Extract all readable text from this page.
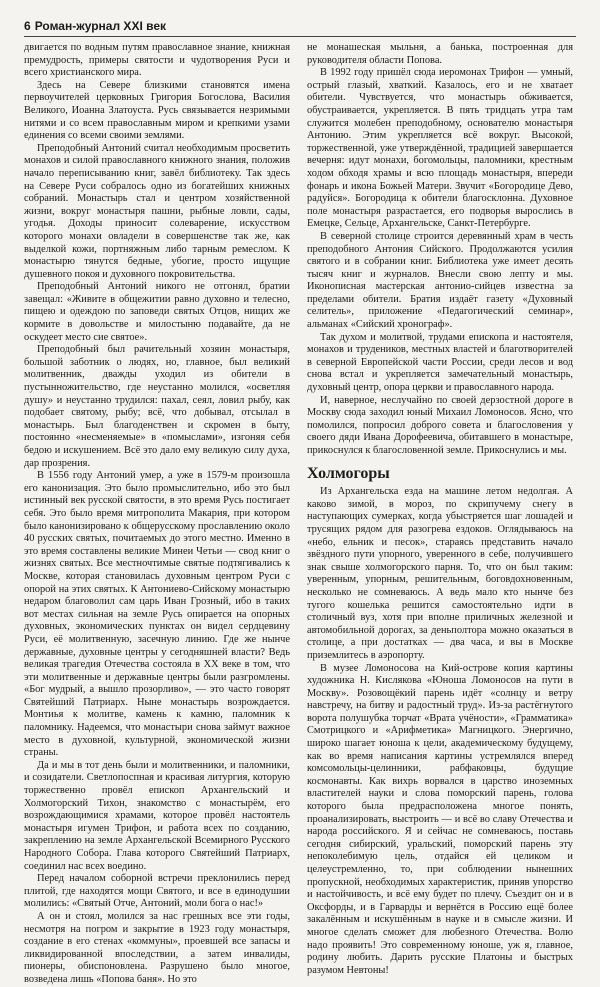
6 Роман-журнал XXI век

двигается по водным путям православное знание, книжная премудрость, примеры святости и чудотворения Руси и всего христианского мира.

Здесь на Севере близкими становятся имена первоучителей церковных Григория Богослова, Василия Великого, Иоанна Златоуста. Русь связывается незримыми нитями и со всем православным миром и крепкими узами единения со всеми своими землями.

Преподобный Антоний считал необходимым просветить монахов и силой православного книжного знания, положив начало переписыванию книг, завёл библиотеку. Так здесь на Севере Руси собралось одно из богатейших книжных собраний. Монастырь стал и центром хозяйственной жизни, вокруг монастыря пашни, рыбные ловли, сады, угодья. Доходы приносит солеварение, искусством которого монахи овладели в совершенстве так же, как выделкой кожи, портняжным либо тарным ремеслом. К монастырю тянутся бедные, убогие, просто ищущие душевного покоя и духовного покровительства.

Преподобный Антоний никого не отгонял, братии завещал: «Живите в общежитии равно духовно и телесно, пищею и одеждою по заповеди святых Отцов, нищих же кормите в довольстве и милостыню подавайте, да не оскудеет место сие святое».

Преподобный был рачительный хозяин монастыря, большой заботник о людях, но, главное, был великий молитвенник, дважды уходил из обители в пустынножительство, где неустанно молился, «осветляя душу» и неустанно трудился: пахал, сеял, ловил рыбу, как подобает святому, рыбу; всё, что добывал, отсылал в монастырь. Был благоденствен и скромен в быту, постоянно «несменяемые» в «помыслами», изгоняя себя бедою и искушением. Всё это дало ему великую силу духа, дар прозрения.

В 1556 году Антоний умер, а уже в 1579-м произошла его канонизация. Это было промыслительно, ибо это был истинный век русской святости, в это время Русь постигает себя. Это было время митрополита Макария, при котором было канонизировано к общерусскому прославлению около 40 русских святых, почитаемых до этого местно. Именно в это время составлены великие Минеи Четьи — свод книг о жизнях святых. Все местночтимые святые подтягивались к Москве, которая становилась духовным центром Руси с опорой на этих святых. К Антониево-Сийскому монастырю недаром благоволил сам царь Иван Грозный, ибо в таких вот местах сильная на земле Русь опирается на опорных духовных, экономических пунктах он видел сердцевину Руси, её молитвенную, засечную линию. Где же нынче державные, духовные центры у сегодняшней власти? Ведь великая трагедия Отечества состояла в XX веке в том, что эти молитвенные и державные центры были разгромлены. «Бог мудрый, а вышло прозорливо», — это часто говорят Святейший Патриарх. Ныне монастырь возрождается. Монтиья к молитве, камень к камню, паломник к паломнику. Надеемся, что монастыри снова займут важное место в духовной, культурной, экономической жизни страны.

Да и мы в тот день были и молитвенники, и паломники, и созидатели. Светлопоспная и красивая литургия, которую торжественно провёл епископ Архангельский и Холмогорский Тихон, знакомство с монастырём, его возрождающимися храмами, которое провёл настоятель монастыря игумен Трифон, и работа всех по созданию, закреплению на земле Архангельской Всемирного Русского Народного Собора. Глава которого Святейший Патриарх, соединил нас всех воедино.

Перед началом соборной встречи преклонились перед плитой, где находятся мощи Святого, и все в единодушии молились: «Святый Отче, Антоний, моли бога о нас!»

А он и стоял, молился за нас грешных все эти годы, несмотря на погром и закрытие в 1923 году монастыря, создание в его стенах «коммуны», проевшей все запасы и ликвидированной впоследствии, а затем инвалиды, пионеры, обиспоновлена. Разрушено было многое, возведена лишь «Попова баня». Но это

не монашеская мыльня, а банька, построенная для руководителя области Попова.

В 1992 году пришёл сюда иеромонах Трифон — умный, острый глазый, хваткий. Казалось, его и не хватает обители. Чувствуется, что монастырь обживается, обустраивается, укрепляется. В пять тридцать утра там служится молебен преподобному, основателю монастыря Антонию. Этим укрепляется всё вокруг. Высокой, торжественной, уже утверждённой, традицией завершается вечерня: идут монахи, богомольцы, паломники, крестным ходом обходя храмы и всю площадь монастыря, впереди фонарь и икона Божьей Матери. Звучит «Богородице Дево, радуйся». Богородица к обители благосклонна. Духовное поле монастыря разрастается, его подворья вырослись в Емецке, Сельце, Архангельске, Санкт-Петербурге.

В северной столице строится деревянный храм в честь преподобного Антония Сийского. Продолжаются усилия святого и в собрании книг. Библиотека уже имеет десять тысяч книг и журналов. Внесли свою лепту и мы. Иконописная мастерская антонио-сийцев известна за пределами обители. Братия издаёт газету «Духовный селитель», приложение «Педагогический семинар», альманах «Сийский хронограф».

Так духом и молитвой, трудами епископа и настоятеля, монахов и трудеников, местных властей и благотворителей в северной Европейской части России, среди лесов и вод снова встал и укрепляется замечательный монастырь, духовный центр, опора церкви и православного народа.

И, наверное, неслучайно по своей дерзостной дороге в Москву сюда заходил юный Михаил Ломоносов. Ясно, что помолился, попросил доброго совета и благословения у своего дяди Ивана Дорофеевича, обитавшего в монастыре, прикоснулся к благословенной земле. Прикоснулись и мы.

Холмогоры

Из Архангельска езда на машине летом недолгая. А каково зимой, в мороз, по скрипучему снегу в наступающих сумерках, когда убыстряется шаг лошадей и трусящих рядом для разогрева ездоков. Оглядываюсь на «небо, ельник и песок», стараясь представить начало звёздного пути упорного, уверенного в себе, получившего знак свыше холмогорского парня. То, что он был таким: уверенным, упорным, решительным, боговдохновенным, несколько не сомневаюсь. А ведь мало кто нынче без тугого кошелька решится самостоятельно идти в столичный вуз, хотя при вполне приличных железной и автомобильной дорогах, за деньполтора можно оказаться в столице, а при достатках — два часа, и вы в Москве приземлитесь в аэропорту.

В музее Ломоносова на Кий-острове копия картины художника Н. Кислякова «Юноша Ломоносов на пути в Москву». Розовощёкий парень идёт «солнцу и ветру навстречу, на битву и радостный труд». Из-за растёгнутого ворота полушубка торчат «Врата учёности», «Грамматика» Смотрицкого и «Арифметика» Магницкого. Энергично, широко шагает юноша к цели, академическому будущему, как во время написания картины устремлялся вперед комсомольцы-целинники, рабфаковцы, будущие космонавты. Как вихрь ворвался в царство иноземных властителей науки и слова поморский парень, голова которого была предрасположена многое понять, проанализировать, выстроить — и всё во славу Отечества и народа российского. Я и сейчас не сомневаюсь, поставь сегодня сибирский, уральский, поморский парень эту непоколебимую цель, отдайся ей целиком и целеустремленно, то, при соблюдении нынешних пропускной, необходимых характеристик, приняв упорство и настойчивость, и всё ему будет по плечу. Съездит он и в Оксфорды, и в Гарварды и вернётся в Россию ещё более закалённым и искушённым в науке и в смысле жизни. И многое сделать сможет для любезного Отечества. Волю надо проявить! Это современному юноше, уж я, главное, родину любить. Дарить русские Платоны и быстрых разумом Невтоны!
